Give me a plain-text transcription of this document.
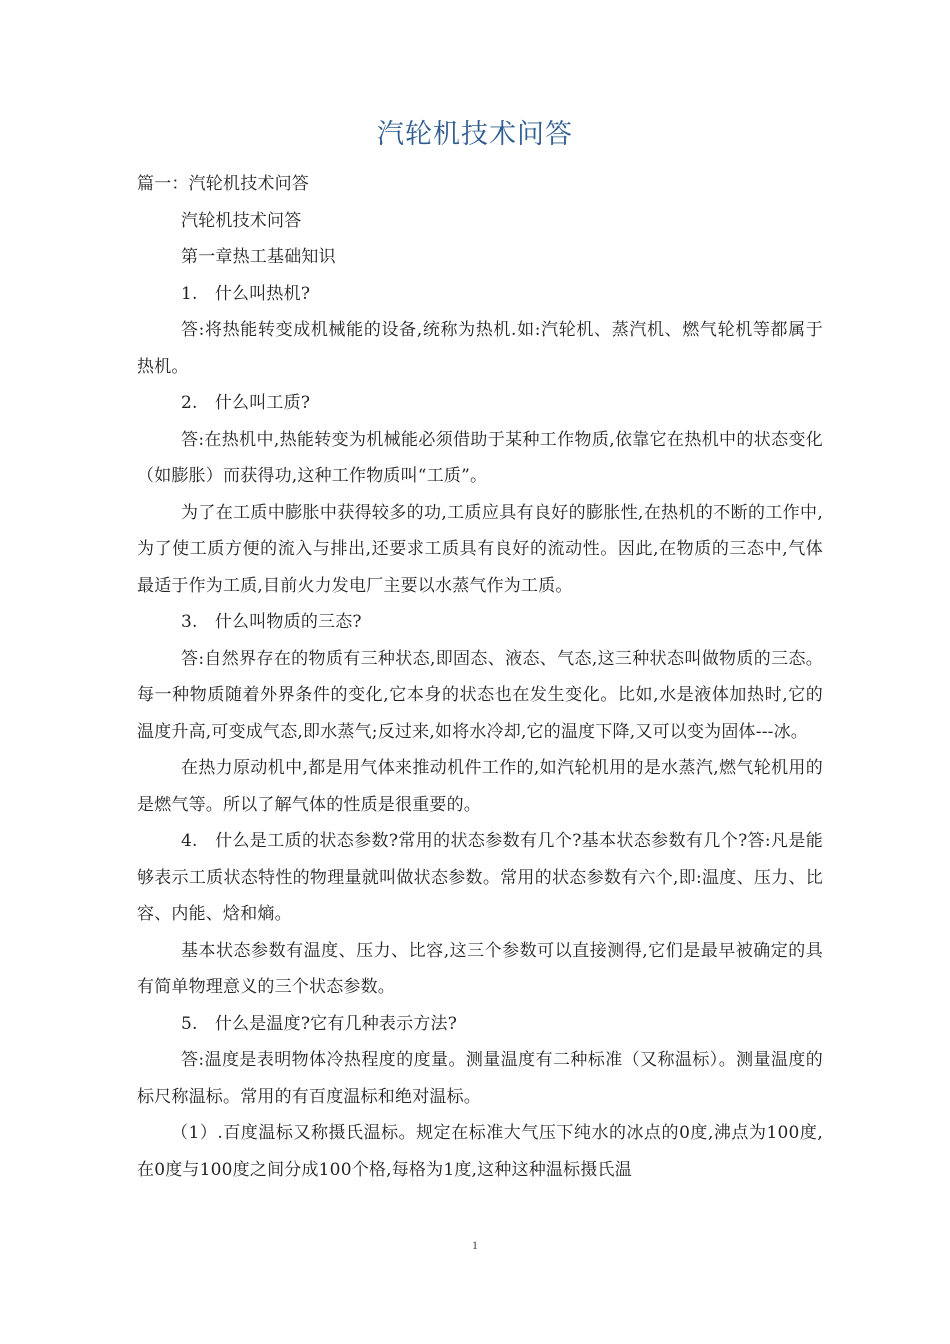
汽轮机技术问答

篇一：汽轮机技术问答

汽轮机技术问答

第一章热工基础知识

1.　什么叫热机?

答:将热能转变成机械能的设备,统称为热机.如:汽轮机、蒸汽机、燃气轮机等都属于热机。

2.　什么叫工质?

答:在热机中,热能转变为机械能必须借助于某种工作物质,依靠它在热机中的状态变化（如膨胀）而获得功,这种工作物质叫“工质”。

为了在工质中膨胀中获得较多的功,工质应具有良好的膨胀性,在热机的不断的工作中,为了使工质方便的流入与排出,还要求工质具有良好的流动性。因此,在物质的三态中,气体最适于作为工质,目前火力发电厂主要以水蒸气作为工质。

3.　什么叫物质的三态?

答:自然界存在的物质有三种状态,即固态、液态、气态,这三种状态叫做物质的三态。每一种物质随着外界条件的变化,它本身的状态也在发生变化。比如,水是液体加热时,它的温度升高,可变成气态,即水蒸气;反过来,如将水冷却,它的温度下降,又可以变为固体---冰。

在热力原动机中,都是用气体来推动机件工作的,如汽轮机用的是水蒸汽,燃气轮机用的是燃气等。所以了解气体的性质是很重要的。

4.　什么是工质的状态参数?常用的状态参数有几个?基本状态参数有几个?答:凡是能够表示工质状态特性的物理量就叫做状态参数。常用的状态参数有六个,即:温度、压力、比容、内能、焓和熵。

基本状态参数有温度、压力、比容,这三个参数可以直接测得,它们是最早被确定的具有简单物理意义的三个状态参数。

5.　什么是温度?它有几种表示方法?

答:温度是表明物体冷热程度的度量。测量温度有二种标准（又称温标）。测量温度的标尺称温标。常用的有百度温标和绝对温标。

（1）.百度温标又称摄氏温标。规定在标准大气压下纯水的冰点的0度,沸点为100度,在0度与100度之间分成100个格,每格为1度,这种这种温标摄氏温

1
